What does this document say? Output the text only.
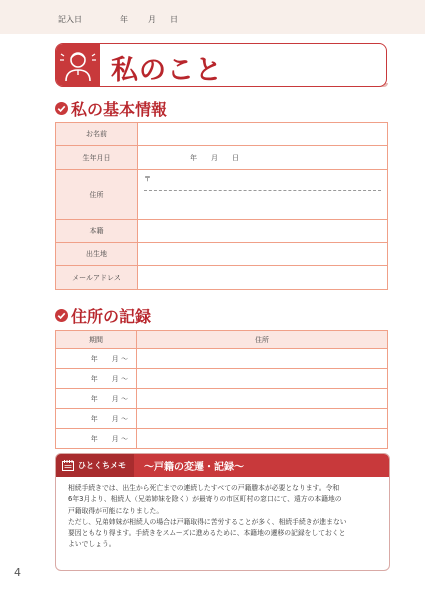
記入日	年	月 日
私のこと
私の基本情報
お名前	
生年月日	年　　月　　日
住所	〒

本籍	
出生地	
メールアドレス	
住所の記録
期間	住所
年　　月 ～	
年　　月 ～	
年　　月 ～	
年　　月 ～	
年　　月 ～	
ひとくちメモ ～戸籍の変遷・記録～
相続手続きでは、出生から死亡までの連続したすべての戸籍謄本が必要となります。令和
6年3月より、相続人（兄弟姉妹を除く）が最寄りの市区町村の窓口にて、遠方の本籍地の
戸籍取得が可能になりました。
ただし、兄弟姉妹が相続人の場合は戸籍取得に苦労することが多く、相続手続きが進まない
要因ともなり得ます。手続きをスムーズに進めるために、本籍地の遷移の記録をしておくと
よいでしょう。
4
